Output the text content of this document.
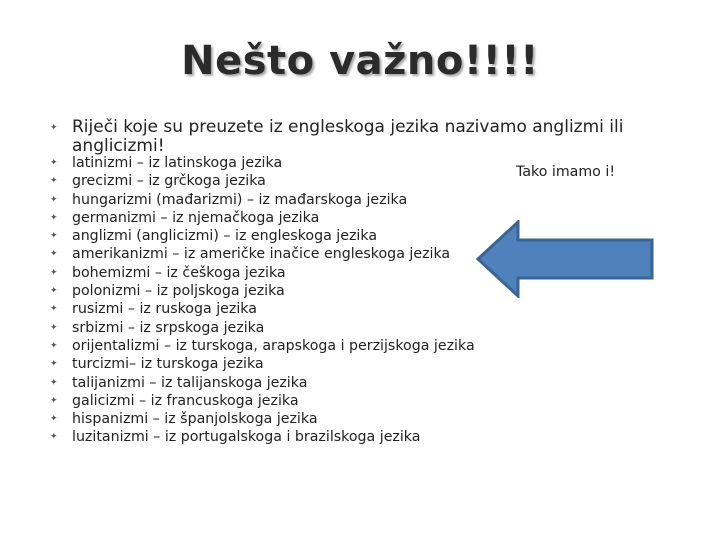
Nešto važno!!!!
✦ Riječi koje su preuzete iz engleskoga jezika nazivamo anglizmi ili
anglicizmi!
✦ latinizmi – iz latinskoga jezika
✦ grecizmi – iz grčkoga jezika
✦ hungarizmi (mađarizmi) – iz mađarskoga jezika
✦ germanizmi – iz njemačkoga jezika
✦ anglizmi (anglicizmi) – iz engleskoga jezika
✦ amerikanizmi – iz američke inačice engleskoga jezika
✦ bohemizmi – iz češkoga jezika
✦ polonizmi – iz poljskoga jezika
✦ rusizmi – iz ruskoga jezika
✦ srbizmi – iz srpskoga jezika
✦ orijentalizmi – iz turskoga, arapskoga i perzijskoga jezika
✦ turcizmi– iz turskoga jezika
✦ talijanizmi – iz talijanskoga jezika
✦ galicizmi – iz francuskoga jezika
✦ hispanizmi – iz španjolskoga jezika
✦ luzitanizmi – iz portugalskoga i brazilskoga jezika
Tako imamo i!
